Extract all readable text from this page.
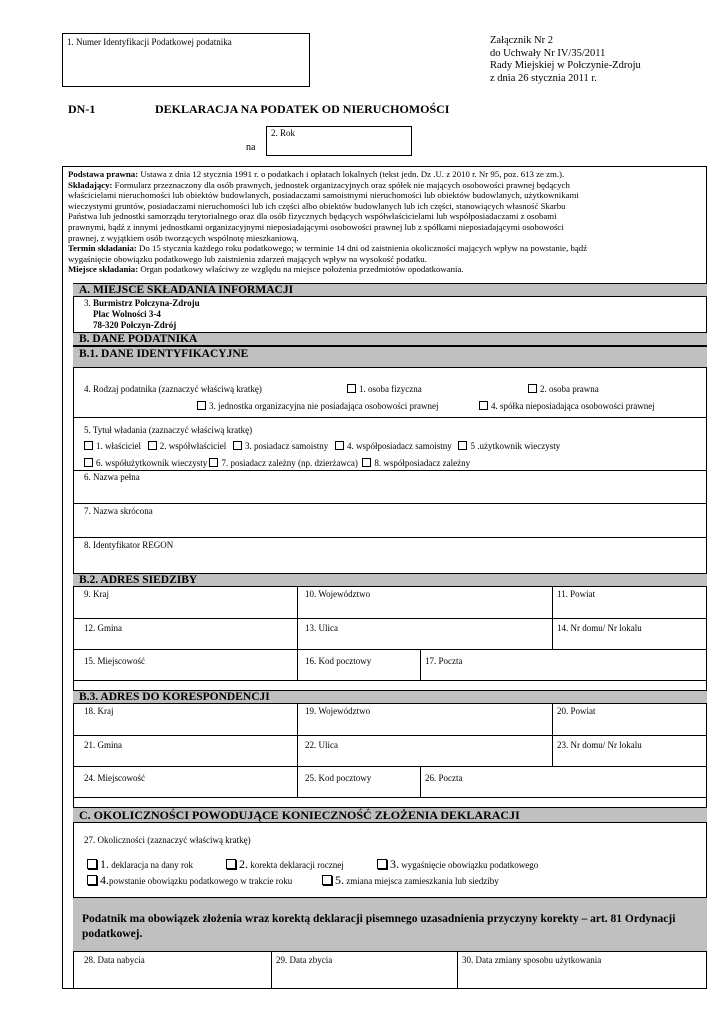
1. Numer Identyfikacji Podatkowej podatnika	Załącznik Nr 2
do Uchwały Nr IV/35/2011
Rady Miejskiej w Połczynie-Zdroju
z dnia 26 stycznia 2011 r.
DN-1	DEKLARACJA NA PODATEK OD NIERUCHOMOŚCI
na
2. Rok
Podstawa prawna: Ustawa z dnia 12 stycznia 1991 r. o podatkach i opłatach lokalnych (tekst jedn. Dz .U. z 2010 r. Nr 95, poz. 613 ze zm.).
Składający: Formularz przeznaczony dla osób prawnych, jednostek organizacyjnych oraz spółek nie mających osobowości prawnej będących
właścicielami nieruchomości lub obiektów budowlanych, posiadaczami samoistnymi nieruchomości lub obiektów budowlanych, użytkownikami
wieczystymi gruntów, posiadaczami nieruchomości lub ich części albo obiektów budowlanych lub ich części, stanowiących własność Skarbu
Państwa lub jednostki samorządu terytorialnego oraz dla osób fizycznych będących współwłaścicielami lub współposiadaczami z osobami
prawnymi, bądź z innymi jednostkami organizacyjnymi nieposiadającymi osobowości prawnej lub z spółkami nieposiadającymi osobowości
prawnej, z wyjątkiem osób tworzących wspólnotę mieszkaniową.
Termin składania: Do 15 stycznia każdego roku podatkowego; w terminie 14 dni od zaistnienia okoliczności mających wpływ na powstanie, bądź
wygaśnięcie obowiązku podatkowego lub zaistnienia zdarzeń mających wpływ na wysokość podatku.
Miejsce składania: Organ podatkowy właściwy ze względu na miejsce położenia przedmiotów opodatkowania.
A. MIEJSCE SKŁADANIA INFORMACJI
3. Burmistrz Połczyna-Zdroju
Plac Wolności 3-4
78-320 Połczyn-Zdrój
B. DANE PODATNIKA
B.1. DANE IDENTYFIKACYJNE
4. Rodzaj podatnika (zaznaczyć właściwą kratkę)	1. osoba fizyczna	2. osoba prawna
3. jednostka organizacyjna nie posiadająca osobowości prawnej	4. spółka nieposiadająca osobowości prawnej
5. Tytuł władania (zaznaczyć właściwą kratkę)
1. właściciel 2. współwłaściciel 3. posiadacz samoistny 4. współposiadacz samoistny 5 .użytkownik wieczysty
6. współużytkownik wieczysty 7. posiadacz zależny (np. dzierżawca) 8. współposiadacz zależny
6. Nazwa pełna
7. Nazwa skrócona
8. Identyfikator REGON
B.2. ADRES SIEDZIBY
9. Kraj	10. Województwo	11. Powiat
12. Gmina	13. Ulica	14. Nr domu/ Nr lokalu
15. Miejscowość	16. Kod pocztowy	17. Poczta
B.3. ADRES DO KORESPONDENCJI
18. Kraj	19. Województwo	20. Powiat
21. Gmina	22. Ulica	23. Nr domu/ Nr lokalu
24. Miejscowość	25. Kod pocztowy	26. Poczta
C. OKOLICZNOŚCI POWODUJĄCE KONIECZNOŚĆ ZŁOŻENIA DEKLARACJI
27. Okoliczności (zaznaczyć właściwą kratkę)
1. deklaracja na dany rok	2. korekta deklaracji rocznej	3. wygaśnięcie obowiązku podatkowego
4.powstanie obowiązku podatkowego w trakcie roku	5. zmiana miejsca zamieszkania lub siedziby
Podatnik ma obowiązek złożenia wraz korektą deklaracji pisemnego uzasadnienia przyczyny korekty – art. 81 Ordynacji podatkowej.
28. Data nabycia	29. Data zbycia	30. Data zmiany sposobu użytkowania
